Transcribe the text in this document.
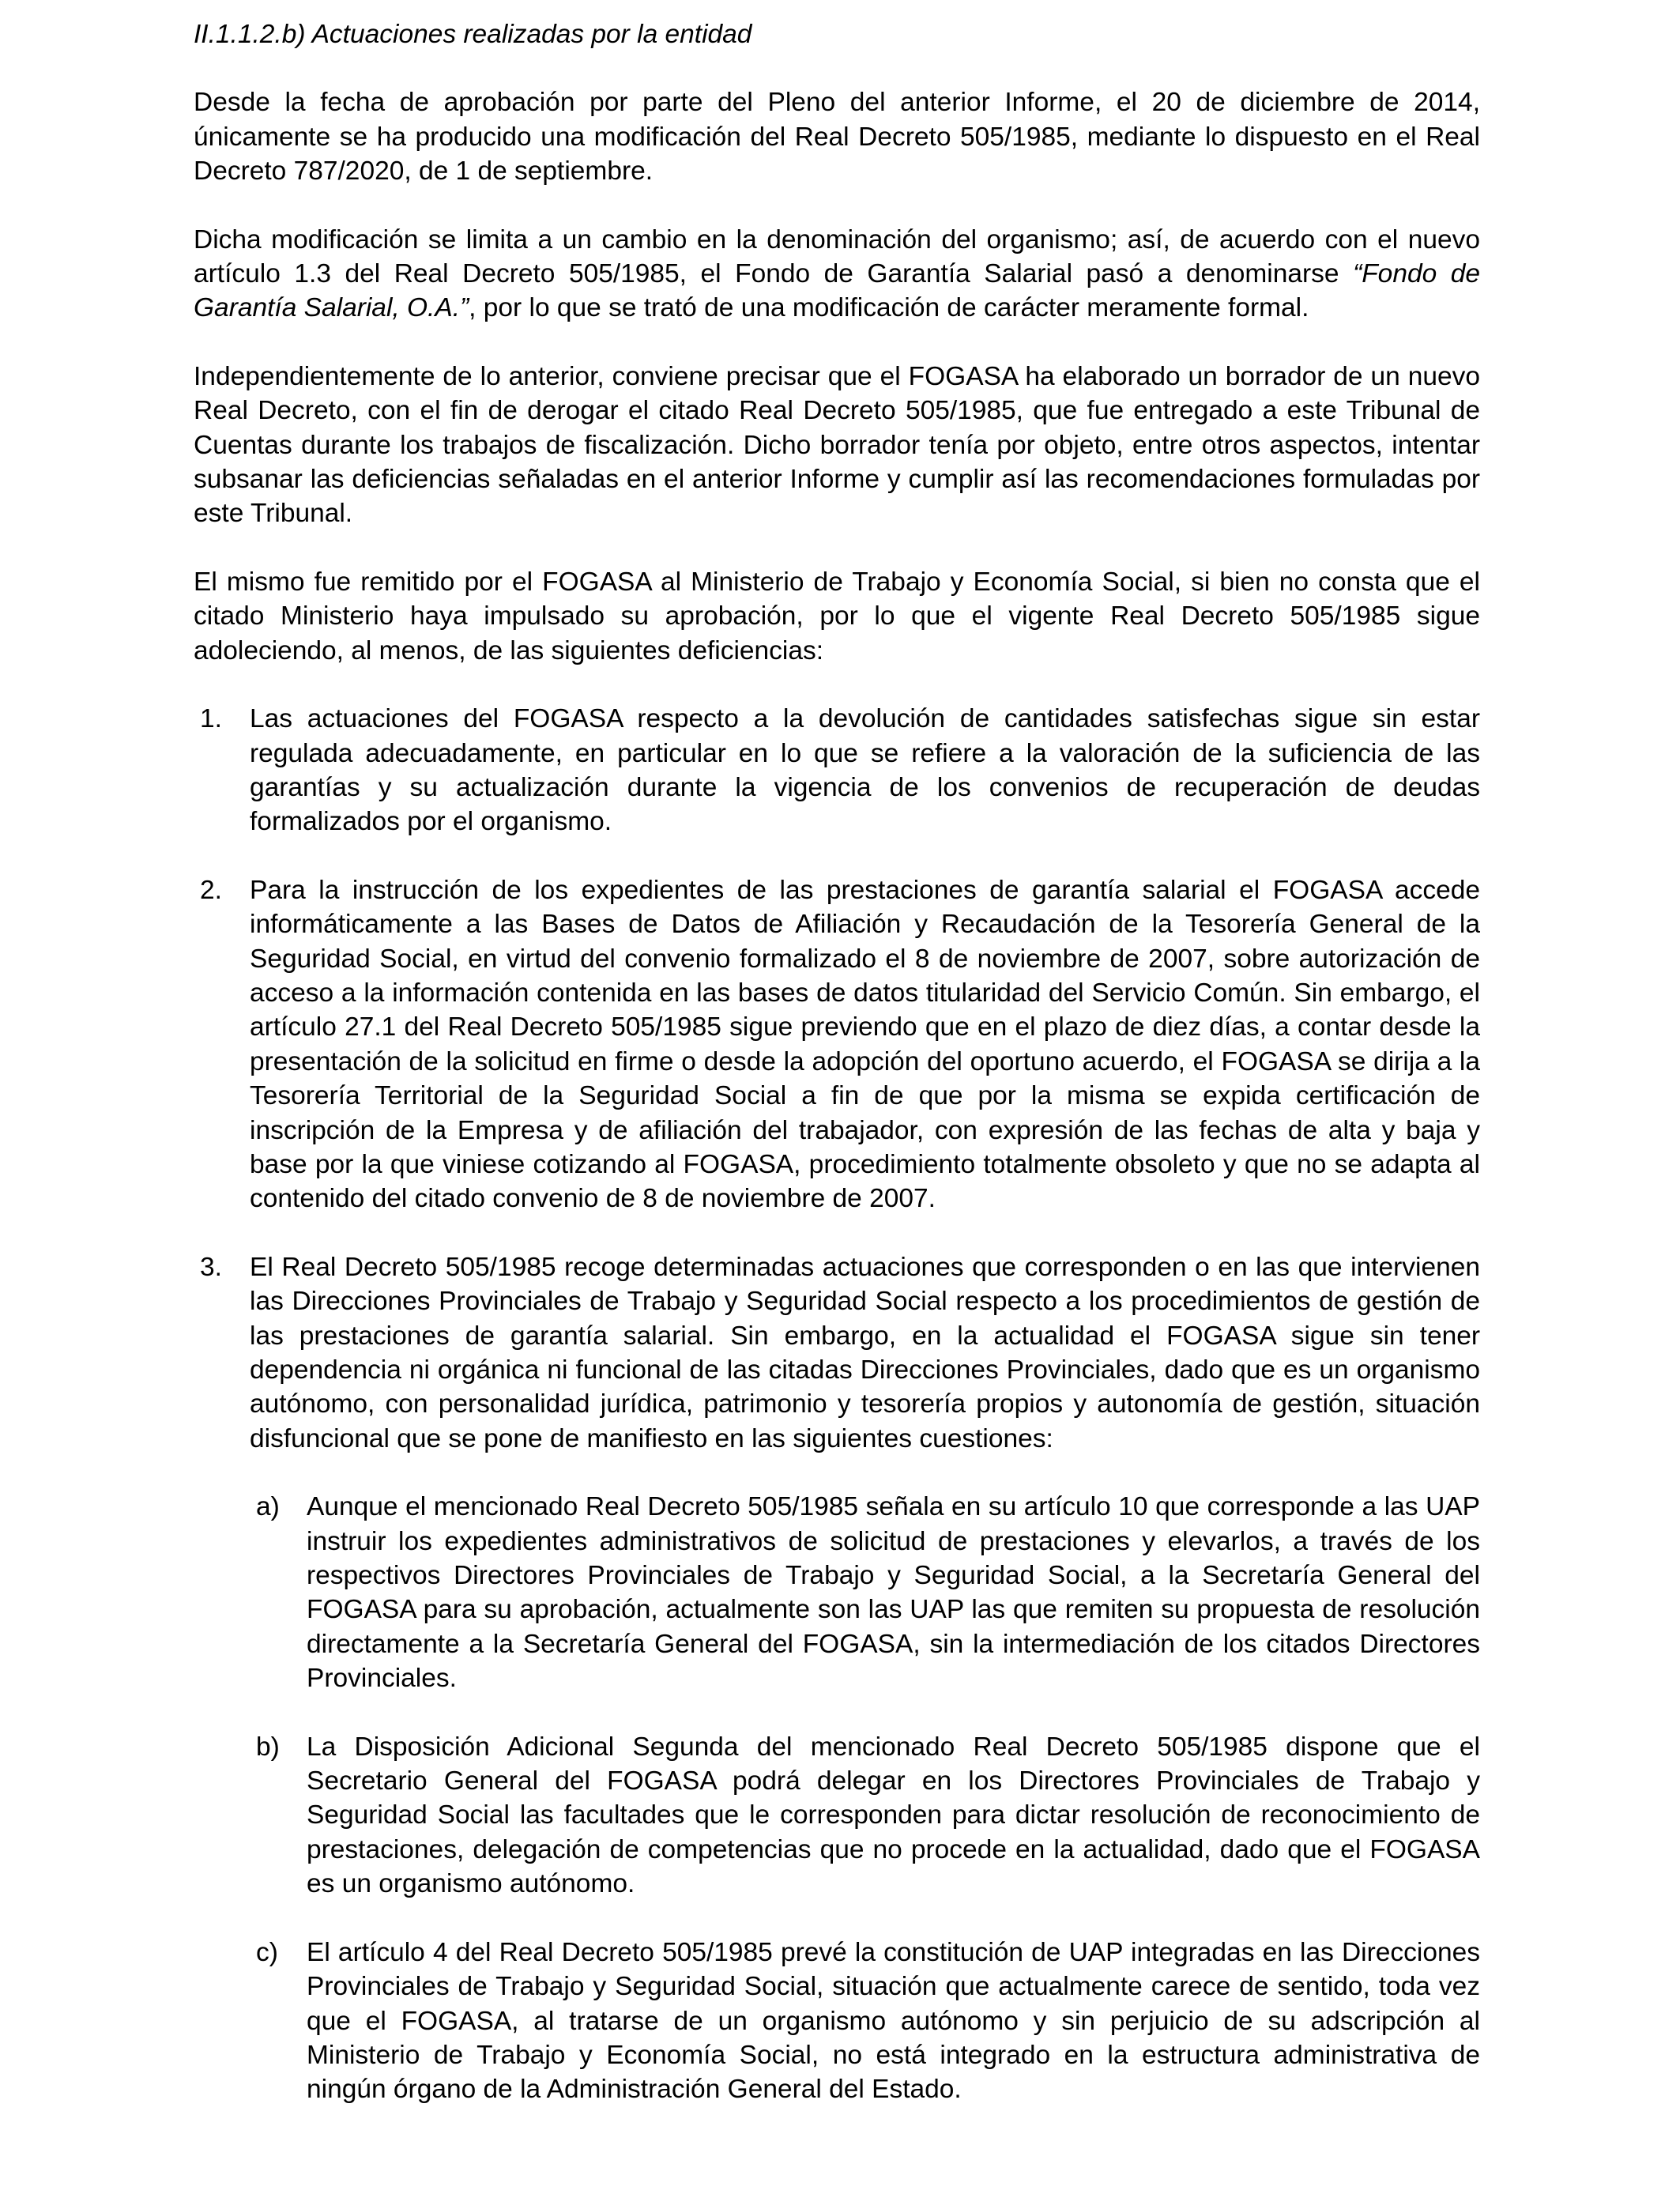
II.1.1.2.b) Actuaciones realizadas por la entidad

Desde la fecha de aprobación por parte del Pleno del anterior Informe, el 20 de diciembre de 2014, únicamente se ha producido una modificación del Real Decreto 505/1985, mediante lo dispuesto en el Real Decreto 787/2020, de 1 de septiembre.

Dicha modificación se limita a un cambio en la denominación del organismo; así, de acuerdo con el nuevo artículo 1.3 del Real Decreto 505/1985, el Fondo de Garantía Salarial pasó a denominarse “Fondo de Garantía Salarial, O.A.”, por lo que se trató de una modificación de carácter meramente formal.

Independientemente de lo anterior, conviene precisar que el FOGASA ha elaborado un borrador de un nuevo Real Decreto, con el fin de derogar el citado Real Decreto 505/1985, que fue entregado a este Tribunal de Cuentas durante los trabajos de fiscalización. Dicho borrador tenía por objeto, entre otros aspectos, intentar subsanar las deficiencias señaladas en el anterior Informe y cumplir así las recomendaciones formuladas por este Tribunal.

El mismo fue remitido por el FOGASA al Ministerio de Trabajo y Economía Social, si bien no consta que el citado Ministerio haya impulsado su aprobación, por lo que el vigente Real Decreto 505/1985 sigue adoleciendo, al menos, de las siguientes deficiencias:

1. Las actuaciones del FOGASA respecto a la devolución de cantidades satisfechas sigue sin estar regulada adecuadamente, en particular en lo que se refiere a la valoración de la suficiencia de las garantías y su actualización durante la vigencia de los convenios de recuperación de deudas formalizados por el organismo.
2. Para la instrucción de los expedientes de las prestaciones de garantía salarial el FOGASA accede informáticamente a las Bases de Datos de Afiliación y Recaudación de la Tesorería General de la Seguridad Social, en virtud del convenio formalizado el 8 de noviembre de 2007, sobre autorización de acceso a la información contenida en las bases de datos titularidad del Servicio Común. Sin embargo, el artículo 27.1 del Real Decreto 505/1985 sigue previendo que en el plazo de diez días, a contar desde la presentación de la solicitud en firme o desde la adopción del oportuno acuerdo, el FOGASA se dirija a la Tesorería Territorial de la Seguridad Social a fin de que por la misma se expida certificación de inscripción de la Empresa y de afiliación del trabajador, con expresión de las fechas de alta y baja y base por la que viniese cotizando al FOGASA, procedimiento totalmente obsoleto y que no se adapta al contenido del citado convenio de 8 de noviembre de 2007.
3. El Real Decreto 505/1985 recoge determinadas actuaciones que corresponden o en las que intervienen las Direcciones Provinciales de Trabajo y Seguridad Social respecto a los procedimientos de gestión de las prestaciones de garantía salarial. Sin embargo, en la actualidad el FOGASA sigue sin tener dependencia ni orgánica ni funcional de las citadas Direcciones Provinciales, dado que es un organismo autónomo, con personalidad jurídica, patrimonio y tesorería propios y autonomía de gestión, situación disfuncional que se pone de manifiesto en las siguientes cuestiones:
a) Aunque el mencionado Real Decreto 505/1985 señala en su artículo 10 que corresponde a las UAP instruir los expedientes administrativos de solicitud de prestaciones y elevarlos, a través de los respectivos Directores Provinciales de Trabajo y Seguridad Social, a la Secretaría General del FOGASA para su aprobación, actualmente son las UAP las que remiten su propuesta de resolución directamente a la Secretaría General del FOGASA, sin la intermediación de los citados Directores Provinciales.
b) La Disposición Adicional Segunda del mencionado Real Decreto 505/1985 dispone que el Secretario General del FOGASA podrá delegar en los Directores Provinciales de Trabajo y Seguridad Social las facultades que le corresponden para dictar resolución de reconocimiento de prestaciones, delegación de competencias que no procede en la actualidad, dado que el FOGASA es un organismo autónomo.
c) El artículo 4 del Real Decreto 505/1985 prevé la constitución de UAP integradas en las Direcciones Provinciales de Trabajo y Seguridad Social, situación que actualmente carece de sentido, toda vez que el FOGASA, al tratarse de un organismo autónomo y sin perjuicio de su adscripción al Ministerio de Trabajo y Economía Social, no está integrado en la estructura administrativa de ningún órgano de la Administración General del Estado.
